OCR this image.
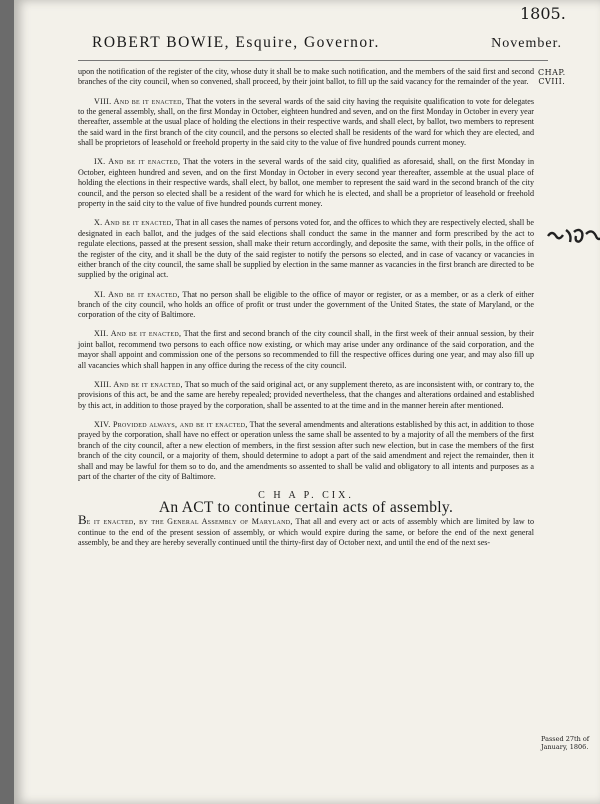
ROBERT BOWIE, Esquire, Governor.	November.
1805.
CHAP.
CVIII.

upon the notification of the register of the city, whose duty it shall be to make such notification, and the members of the said first and second branches of the city council, when so convened, shall proceed, by their joint ballot, to fill up the said vacancy for the remainder of the year.

VIII. And be it enacted, That the voters in the several wards of the said city having the requisite qualification to vote for delegates to the general assembly, shall, on the first Monday in October, eighteen hundred and seven, and on the first Monday in October in every year thereafter, assemble at the usual place of holding the elections in their respective wards, and shall elect, by ballot, two members to represent the said ward in the first branch of the city council, and the persons so elected shall be residents of the ward for which they are elected, and shall be proprietors of leasehold or freehold property in the said city to the value of five hundred pounds current money.

IX. And be it enacted, That the voters in the several wards of the said city, qualified as aforesaid, shall, on the first Monday in October, eighteen hundred and seven, and on the first Monday in October in every second year thereafter, assemble at the usual place of holding the elections in their respective wards, shall elect, by ballot, one member to represent the said ward in the second branch of the city council, and the person so elected shall be a resident of the ward for which he is elected, and shall be a proprietor of leasehold or freehold property in the said city to the value of five hundred pounds current money.

X. And be it enacted, That in all cases the names of persons voted for, and the offices to which they are respectively elected, shall be designated in each ballot, and the judges of the said elections shall conduct the same in the manner and form prescribed by the act to regulate elections, passed at the present session, shall make their return accordingly, and deposite the same, with their polls, in the office of the register of the city, and it shall be the duty of the said register to notify the persons so elected, and in case of vacancy or vacancies in either branch of the city council, the same shall be supplied by election in the same manner as vacancies in the first branch are directed to be supplied by the original act.

XI. And be it enacted, That no person shall be eligible to the office of mayor or register, or as a member, or as a clerk of either branch of the city council, who holds an office of profit or trust under the government of the United States, the state of Maryland, or the corporation of the city of Baltimore.

XII. And be it enacted, That the first and second branch of the city council shall, in the first week of their annual session, by their joint ballot, recommend two persons to each office now existing, or which may arise under any ordinance of the said corporation, and the mayor shall appoint and commission one of the persons so recommended to fill the respective offices during one year, and may also fill up all vacancies which shall happen in any office during the recess of the city council.

XIII. And be it enacted, That so much of the said original act, or any supplement thereto, as are inconsistent with, or contrary to, the provisions of this act, be and the same are hereby repealed; provided nevertheless, that the changes and alterations ordained and established by this act, in addition to those prayed by the corporation, shall be assented to at the time and in the manner herein after mentioned.

XIV. Provided always, and be it enacted, That the several amendments and alterations established by this act, in addition to those prayed by the corporation, shall have no effect or operation unless the same shall be assented to by a majority of all the members of the first branch of the city council, after a new election of members, in the first session after such new election, but in case the members of the first branch of the city council, or a majority of them, should determine to adopt a part of the said amendment and reject the remainder, then it shall and may be lawful for them so to do, and the amendments so assented to shall be valid and obligatory to all intents and purposes as a part of the charter of the city of Baltimore.

C H A P. CIX.
An ACT to continue certain acts of assembly.

Be it enacted, by the General Assembly of Maryland, That all and every act or acts of assembly which are limited by law to continue to the end of the present session of assembly, or which would expire during the same, or before the end of the next general assembly, be and they are hereby severally continued until the thirty-first day of October next, and until the end of the next ses-

Passed 27th of January, 1806.
